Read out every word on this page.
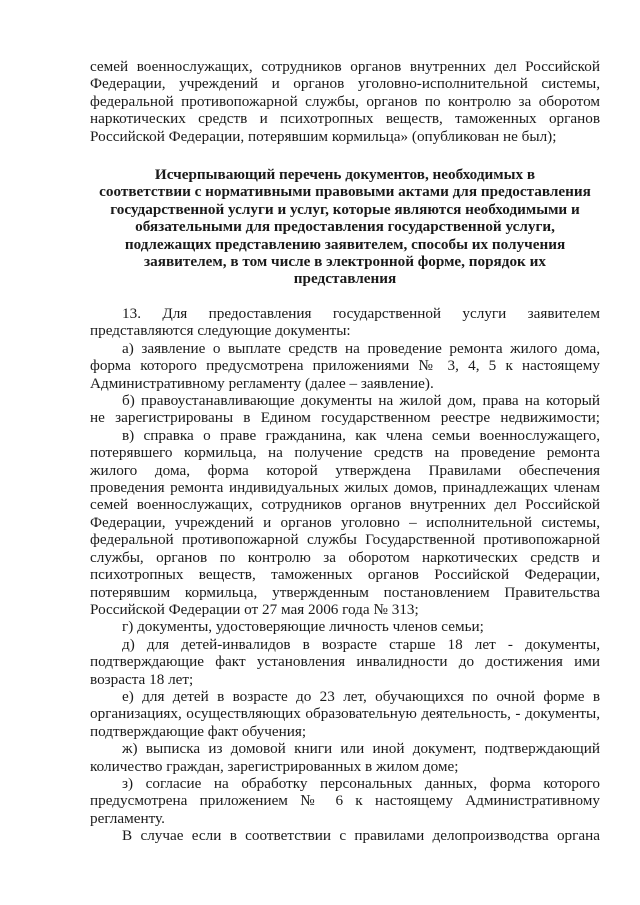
семей военнослужащих, сотрудников органов внутренних дел Российской
Федерации, учреждений и органов уголовно-исполнительной системы,
федеральной противопожарной службы, органов по контролю за оборотом
наркотических средств и психотропных веществ, таможенных органов
Российской Федерации, потерявшим кормильца» (опубликован не был);
Исчерпывающий перечень документов, необходимых в
соответствии с нормативными правовыми актами для предоставления
государственной услуги и услуг, которые являются необходимыми и
обязательными для предоставления государственной услуги,
подлежащих представлению заявителем, способы их получения
заявителем, в том числе в электронной форме, порядок их
представления
13. Для предоставления государственной услуги заявителем
представляются следующие документы:
а) заявление о выплате средств на проведение ремонта жилого дома,
форма которого предусмотрена приложениями № 3, 4, 5 к настоящему
Административному регламенту (далее – заявление).
б) правоустанавливающие документы на жилой дом, права на который
не зарегистрированы в Едином государственном реестре недвижимости;
в) справка о праве гражданина, как члена семьи военнослужащего,
потерявшего кормильца, на получение средств на проведение ремонта
жилого дома, форма которой утверждена Правилами обеспечения
проведения ремонта индивидуальных жилых домов, принадлежащих членам
семей военнослужащих, сотрудников органов внутренних дел Российской
Федерации, учреждений и органов уголовно – исполнительной системы,
федеральной противопожарной службы Государственной противопожарной
службы, органов по контролю за оборотом наркотических средств и
психотропных веществ, таможенных органов Российской Федерации,
потерявшим кормильца, утвержденным постановлением Правительства
Российской Федерации от 27 мая 2006 года № 313;
г) документы, удостоверяющие личность членов семьи;
д) для детей-инвалидов в возрасте старше 18 лет - документы,
подтверждающие факт установления инвалидности до достижения ими
возраста 18 лет;
е) для детей в возрасте до 23 лет, обучающихся по очной форме в
организациях, осуществляющих образовательную деятельность, - документы,
подтверждающие факт обучения;
ж) выписка из домовой книги или иной документ, подтверждающий
количество граждан, зарегистрированных в жилом доме;
з) согласие на обработку персональных данных, форма которого
предусмотрена приложением № 6 к настоящему Административному
регламенту.
В случае если в соответствии с правилами делопроизводства органа
